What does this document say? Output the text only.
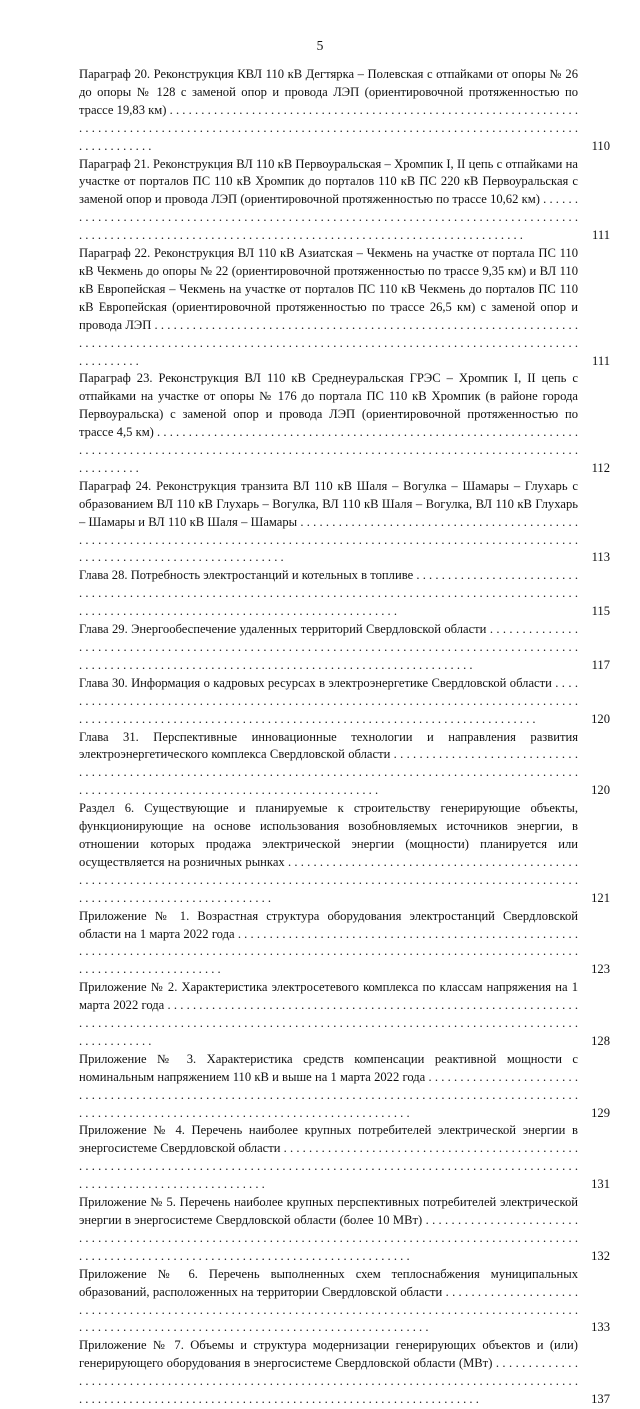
5
Параграф 20. Реконструкция КВЛ 110 кВ Дегтярка – Полевская с отпайками от опоры № 26 до опоры № 128 с заменой опор и провода ЛЭП (ориентировочной протяженностью по трассе 19,83 км) . . .
110
Параграф 21. Реконструкция ВЛ 110 кВ Первоуральская – Хромпик I, II цепь с отпайками на участке от порталов ПС 110 кВ Хромпик до порталов 110 кВ ПС 220 кВ Первоуральская с заменой опор и провода ЛЭП (ориентировочной протяженностью по трассе 10,62 км) . . .
111
Параграф 22. Реконструкция ВЛ 110 кВ Азиатская – Чекмень на участке от портала ПС 110 кВ Чекмень до опоры № 22 (ориентировочной протяженностью по трассе 9,35 км) и ВЛ 110 кВ Европейская – Чекмень на участке от порталов ПС 110 кВ Чекмень до порталов ПС 110 кВ Европейская (ориентировочной протяженностью по трассе 26,5 км) с заменой опор и провода ЛЭП . . .
111
Параграф 23. Реконструкция ВЛ 110 кВ Среднеуральская ГРЭС – Хромпик I, II цепь с отпайками на участке от опоры № 176 до портала ПС 110 кВ Хромпик (в районе города Первоуральска) с заменой опор и провода ЛЭП (ориентировочной протяженностью по трассе 4,5 км) . . .
112
Параграф 24. Реконструкция транзита ВЛ 110 кВ Шаля – Вогулка – Шамары – Глухарь с образованием ВЛ 110 кВ Глухарь – Вогулка, ВЛ 110 кВ Шаля – Вогулка, ВЛ 110 кВ Глухарь – Шамары и ВЛ 110 кВ Шаля – Шамары . . .
113
Глава 28. Потребность электростанций и котельных в топливе . . .
115
Глава 29. Энергообеспечение удаленных территорий Свердловской области . . .
117
Глава 30. Информация о кадровых ресурсах в электроэнергетике Свердловской области . . .
120
Глава 31. Перспективные инновационные технологии и направления развития электроэнергетического комплекса Свердловской области . . .
120
Раздел 6. Существующие и планируемые к строительству генерирующие объекты, функционирующие на основе использования возобновляемых источников энергии, в отношении которых продажа электрической энергии (мощности) планируется или осуществляется на розничных рынках . . .
121
Приложение № 1. Возрастная структура оборудования электростанций Свердловской области на 1 марта 2022 года . . .
123
Приложение № 2. Характеристика электросетевого комплекса по классам напряжения на 1 марта 2022 года . . .
128
Приложение № 3. Характеристика средств компенсации реактивной мощности с номинальным напряжением 110 кВ и выше на 1 марта 2022 года . . .
129
Приложение № 4. Перечень наиболее крупных потребителей электрической энергии в энергосистеме Свердловской области . . .
131
Приложение № 5. Перечень наиболее крупных перспективных потребителей электрической энергии в энергосистеме Свердловской области (более 10 МВт) . . .
132
Приложение № 6. Перечень выполненных схем теплоснабжения муниципальных образований, расположенных на территории Свердловской области . . .
133
Приложение № 7. Объемы и структура модернизации генерирующих объектов и (или) генерирующего оборудования в энергосистеме Свердловской области (МВт) . . .
137
